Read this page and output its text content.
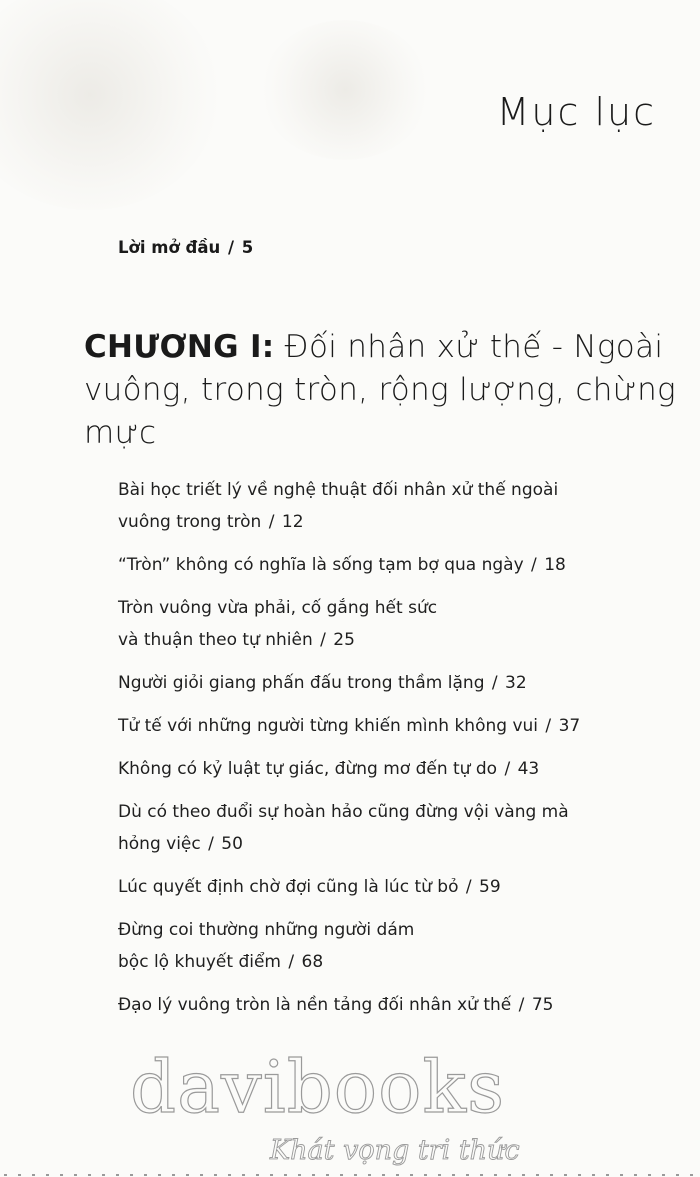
Mục lục
Lời mở đầu / 5
CHƯƠNG I: Đối nhân xử thế - Ngoài vuông, trong tròn, rộng lượng, chừng mực
Bài học triết lý về nghệ thuật đối nhân xử thế ngoài
vuông trong tròn / 12
“Tròn” không có nghĩa là sống tạm bợ qua ngày / 18
Tròn vuông vừa phải, cố gắng hết sức
và thuận theo tự nhiên / 25
Người giỏi giang phấn đấu trong thầm lặng / 32
Tử tế với những người từng khiến mình không vui / 37
Không có kỷ luật tự giác, đừng mơ đến tự do / 43
Dù có theo đuổi sự hoàn hảo cũng đừng vội vàng mà
hỏng việc / 50
Lúc quyết định chờ đợi cũng là lúc từ bỏ / 59
Đừng coi thường những người dám
bộc lộ khuyết điểm / 68
Đạo lý vuông tròn là nền tảng đối nhân xử thế / 75
davibooks
Khát vọng tri thức
